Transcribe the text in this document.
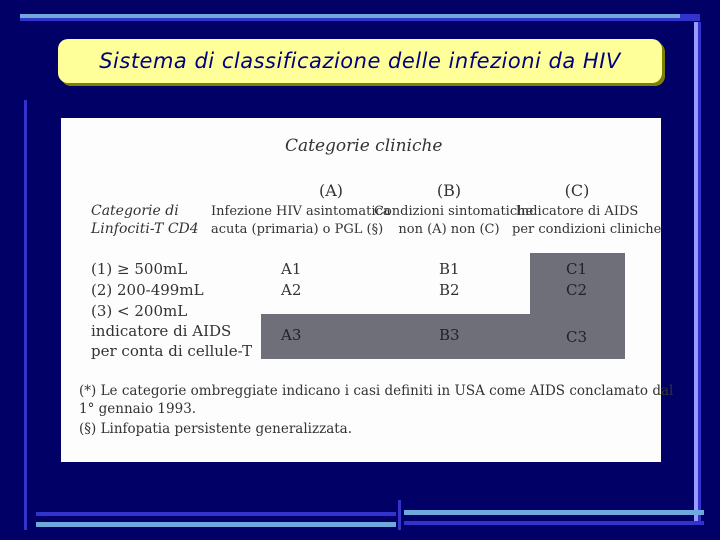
Sistema di classificazione delle infezioni da HIV
Categorie cliniche
Categorie di
Linfociti-T CD4
(A)
Infezione HIV asintomatica
acuta (primaria) o PGL (§)
(B)
Condizioni sintomatiche
non (A) non (C)
(C)
Indicatore di AIDS
per condizioni cliniche
(1) ≥ 500mL
(2) 200-499mL
(3) < 200mL
indicatore di AIDS
per conta di cellule-T
A1
A2
A3
B1
B2
B3
C1
C2
C3
(*) Le categorie ombreggiate indicano i casi definiti in USA come AIDS conclamato dal
1° gennaio 1993.
(§) Linfopatia persistente generalizzata.
